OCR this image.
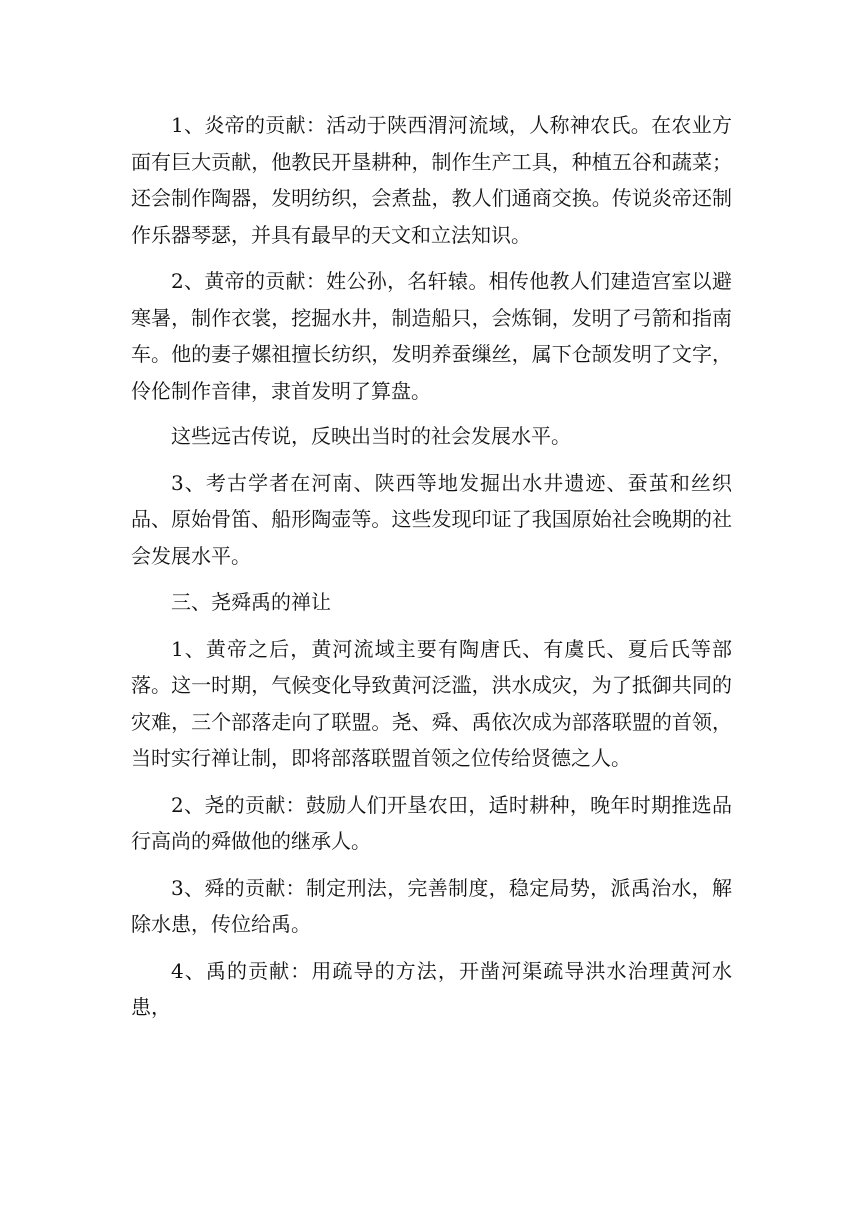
1、炎帝的贡献：活动于陕西渭河流域，人称神农氏。在农业方面有巨大贡献，他教民开垦耕种，制作生产工具，种植五谷和蔬菜；还会制作陶器，发明纺织，会煮盐，教人们通商交换。传说炎帝还制作乐器琴瑟，并具有最早的天文和立法知识。

2、黄帝的贡献：姓公孙，名轩辕。相传他教人们建造宫室以避寒暑，制作衣裳，挖掘水井，制造船只，会炼铜，发明了弓箭和指南车。他的妻子嫘祖擅长纺织，发明养蚕缫丝，属下仓颉发明了文字，伶伦制作音律，隶首发明了算盘。

这些远古传说，反映出当时的社会发展水平。

3、考古学者在河南、陕西等地发掘出水井遗迹、蚕茧和丝织品、原始骨笛、船形陶壶等。这些发现印证了我国原始社会晚期的社会发展水平。

三、尧舜禹的禅让

1、黄帝之后，黄河流域主要有陶唐氏、有虞氏、夏后氏等部落。这一时期，气候变化导致黄河泛滥，洪水成灾，为了抵御共同的灾难，三个部落走向了联盟。尧、舜、禹依次成为部落联盟的首领，当时实行禅让制，即将部落联盟首领之位传给贤德之人。

2、尧的贡献：鼓励人们开垦农田，适时耕种，晚年时期推选品行高尚的舜做他的继承人。

3、舜的贡献：制定刑法，完善制度，稳定局势，派禹治水，解除水患，传位给禹。

4、禹的贡献：用疏导的方法，开凿河渠疏导洪水治理黄河水患，
